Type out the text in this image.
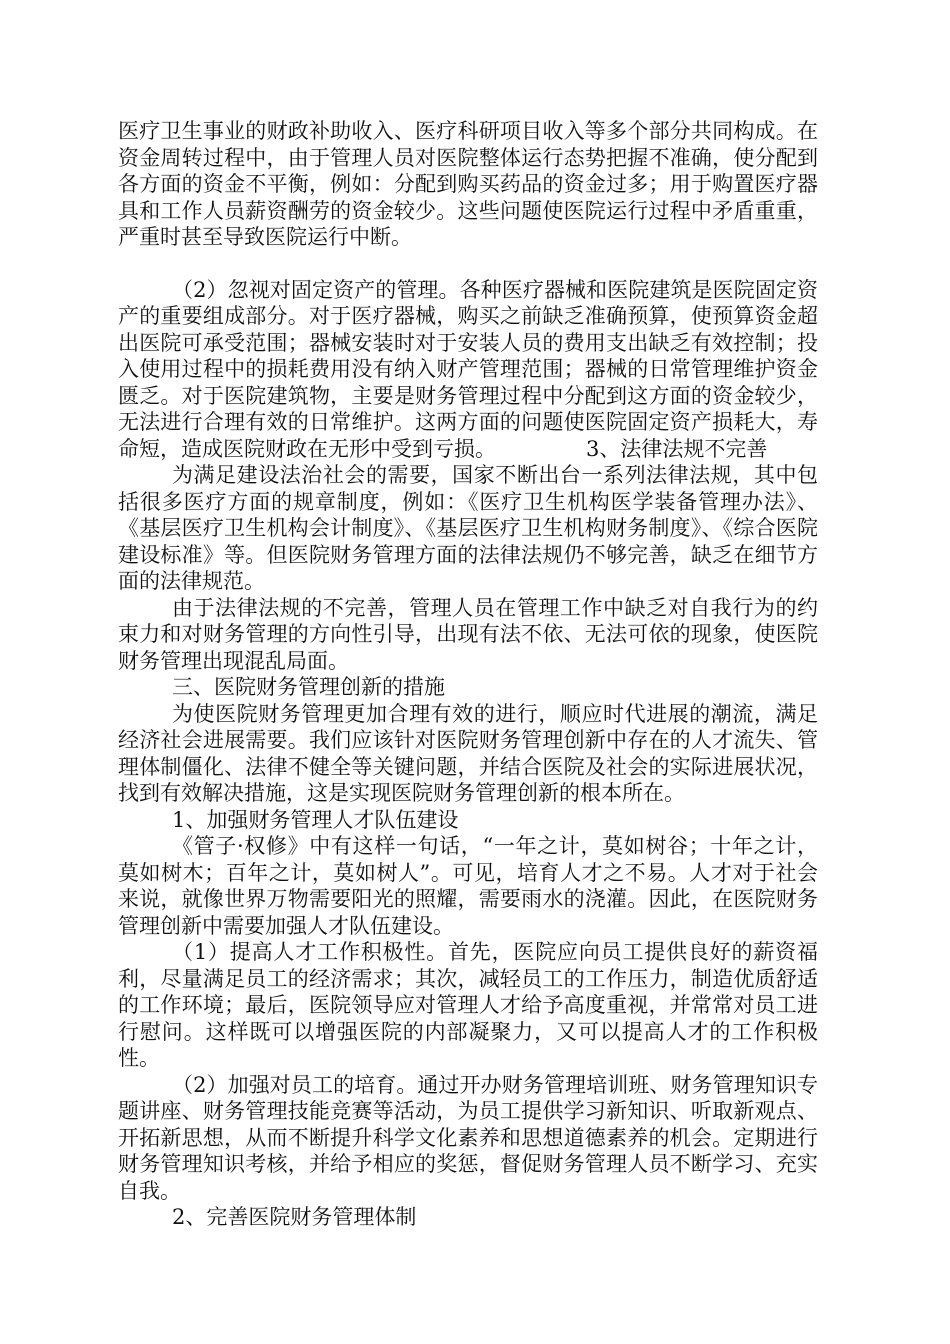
医疗卫生事业的财政补助收入、医疗科研项目收入等多个部分共同构成。在资金周转过程中，由于管理人员对医院整体运行态势把握不准确，使分配到各方面的资金不平衡，例如：分配到购买药品的资金过多；用于购置医疗器具和工作人员薪资酬劳的资金较少。这些问题使医院运行过程中矛盾重重，严重时甚至导致医院运行中断。

（2）忽视对固定资产的管理。各种医疗器械和医院建筑是医院固定资产的重要组成部分。对于医疗器械，购买之前缺乏准确预算，使预算资金超出医院可承受范围；器械安装时对于安装人员的费用支出缺乏有效控制；投入使用过程中的损耗费用没有纳入财产管理范围；器械的日常管理维护资金匮乏。对于医院建筑物，主要是财务管理过程中分配到这方面的资金较少，无法进行合理有效的日常维护。这两方面的问题使医院固定资产损耗大，寿命短，造成医院财政在无形中受到亏损。	3、法律法规不完善

为满足建设法治社会的需要，国家不断出台一系列法律法规，其中包括很多医疗方面的规章制度，例如：《医疗卫生机构医学装备管理办法》、《基层医疗卫生机构会计制度》、《基层医疗卫生机构财务制度》、《综合医院建设标准》等。但医院财务管理方面的法律法规仍不够完善，缺乏在细节方面的法律规范。

由于法律法规的不完善，管理人员在管理工作中缺乏对自我行为的约束力和对财务管理的方向性引导，出现有法不依、无法可依的现象，使医院财务管理出现混乱局面。

三、医院财务管理创新的措施

为使医院财务管理更加合理有效的进行，顺应时代进展的潮流，满足经济社会进展需要。我们应该针对医院财务管理创新中存在的人才流失、管理体制僵化、法律不健全等关键问题，并结合医院及社会的实际进展状况，找到有效解决措施，这是实现医院财务管理创新的根本所在。

1、加强财务管理人才队伍建设

《管子·权修》中有这样一句话，“一年之计，莫如树谷；十年之计，莫如树木；百年之计，莫如树人”。可见，培育人才之不易。人才对于社会来说，就像世界万物需要阳光的照耀，需要雨水的浇灌。因此，在医院财务管理创新中需要加强人才队伍建设。

（1）提高人才工作积极性。首先，医院应向员工提供良好的薪资福利，尽量满足员工的经济需求；其次，减轻员工的工作压力，制造优质舒适的工作环境；最后，医院领导应对管理人才给予高度重视，并常常对员工进行慰问。这样既可以增强医院的内部凝聚力，又可以提高人才的工作积极性。

（2）加强对员工的培育。通过开办财务管理培训班、财务管理知识专题讲座、财务管理技能竞赛等活动，为员工提供学习新知识、听取新观点、开拓新思想，从而不断提升科学文化素养和思想道德素养的机会。定期进行财务管理知识考核，并给予相应的奖惩，督促财务管理人员不断学习、充实自我。

2、完善医院财务管理体制
